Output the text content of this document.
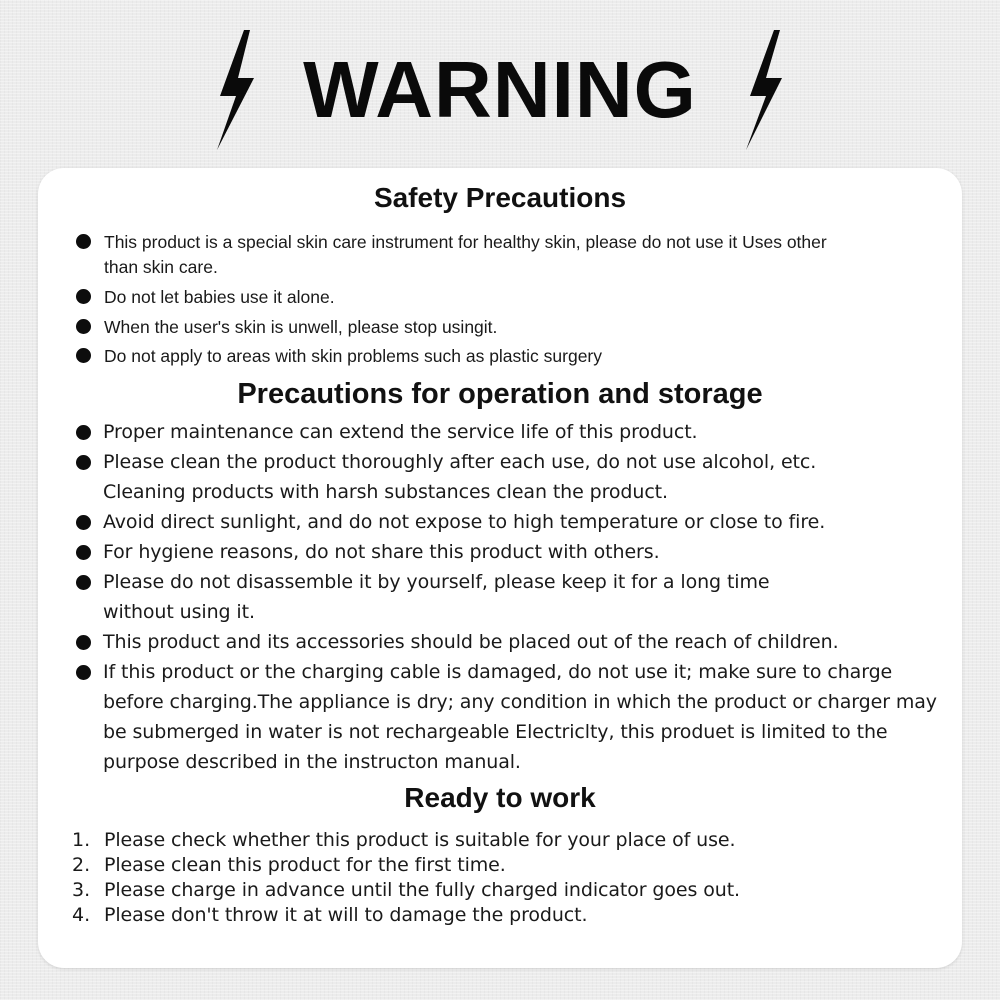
WARNING
Safety Precautions
This product is a special skin care instrument for healthy skin, please do not use it Uses other
than skin care.
Do not let babies use it alone.
When the user's skin is unwell, please stop usingit.
Do not apply to areas with skin problems such as plastic surgery
Precautions for operation and storage
Proper maintenance can extend the service life of this product.
Please clean the product thoroughly after each use, do not use alcohol, etc.
Cleaning products with harsh substances clean the product.
Avoid direct sunlight, and do not expose to high temperature or close to fire.
For hygiene reasons, do not share this product with others.
Please do not disassemble it by yourself, please keep it for a long time
without using it.
This product and its accessories should be placed out of the reach of children.
If this product or the charging cable is damaged, do not use it; make sure to charge
before charging.The appliance is dry; any condition in which the product or charger may
be submerged in water is not rechargeable Electriclty, this produet is limited to the
purpose described in the instructon manual.
Ready to work
1. Please check whether this product is suitable for your place of use.
2. Please clean this product for the first time.
3. Please charge in advance until the fully charged indicator goes out.
4. Please don't throw it at will to damage the product.
